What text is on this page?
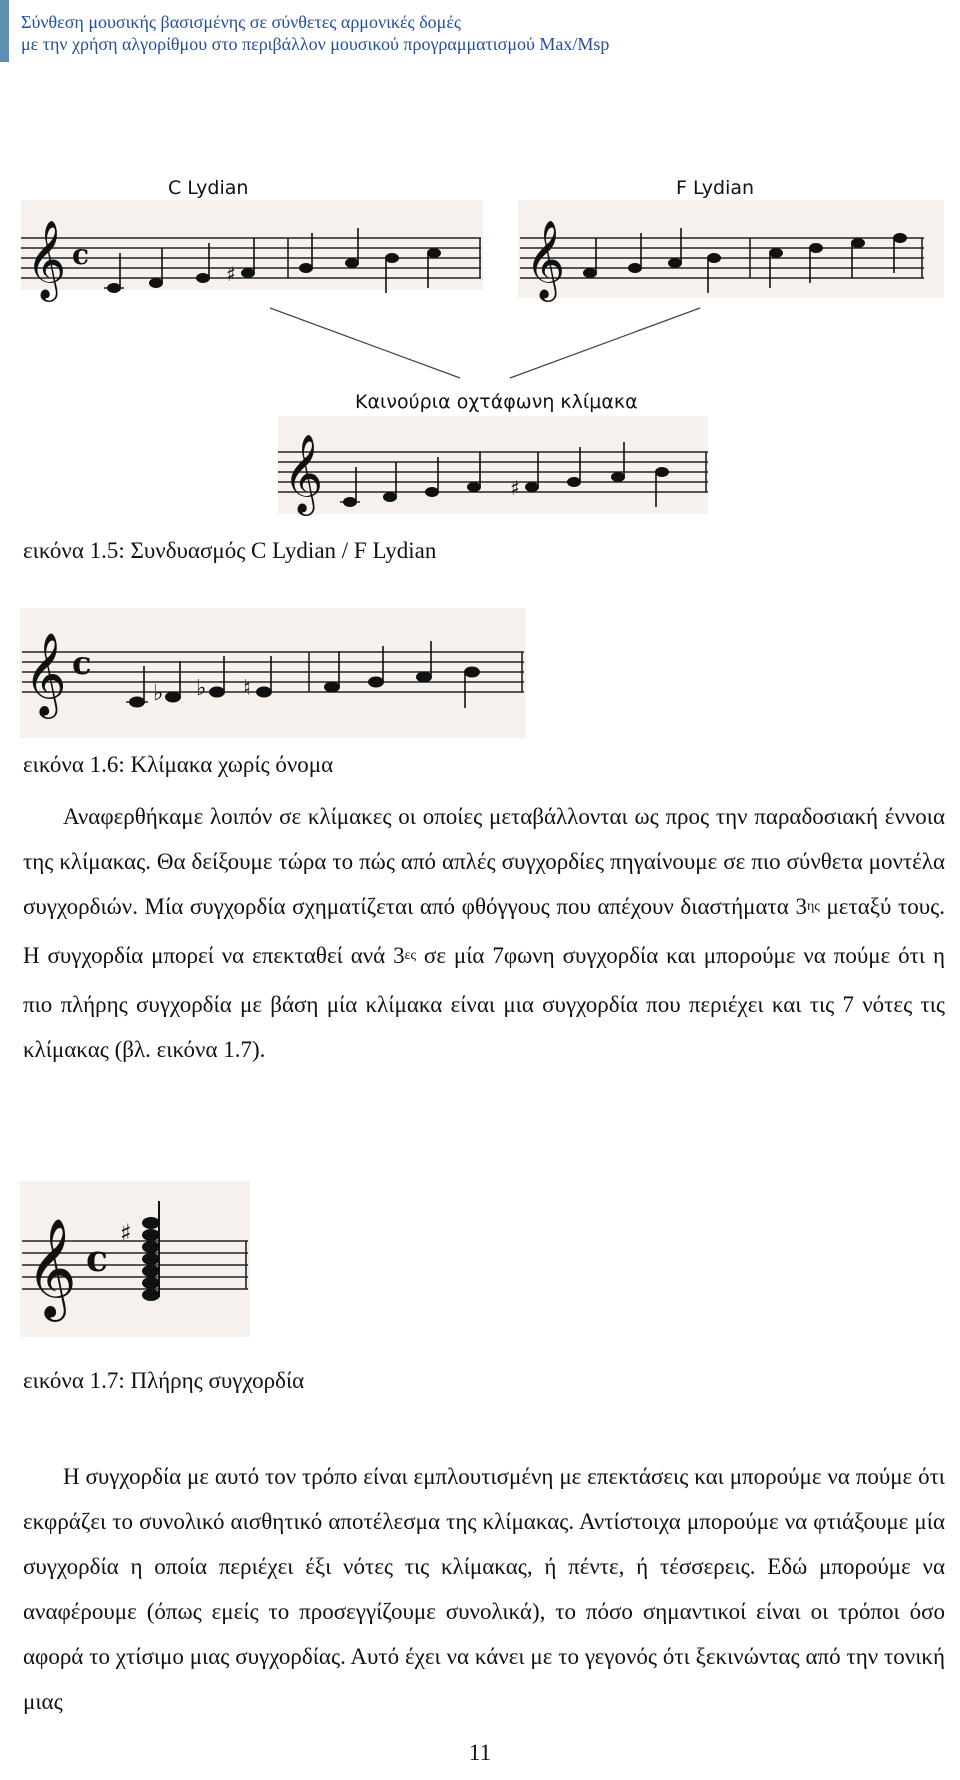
Σύνθεση μουσικής βασισμένης σε σύνθετες αρμονικές δομές
με την χρήση αλγορίθμου στο περιβάλλον μουσικού προγραμματισμού Max/Msp
C Lydian
𝄞 c
♯
F Lydian
𝄞
Καινούρια οχτάφωνη κλίμακα
𝄞	♯
εικόνα 1.5: Συνδυασμός C Lydian / F Lydian
𝄞 c
♭ ♭ ♮
εικόνα 1.6: Κλίμακα χωρίς όνομα

Αναφερθήκαμε λοιπόν σε κλίμακες οι οποίες μεταβάλλονται ως προς την παραδοσιακή έννοια της κλίμακας. Θα δείξουμε τώρα το πώς από απλές συγχορδίες πηγαίνουμε σε πιο σύνθετα μοντέλα συγχορδιών. Μία συγχορδία σχηματίζεται από φθόγγους που απέχουν διαστήματα $3^{\eta\varsigma}$ μεταξύ τους. Η συγχορδία μπορεί να επεκταθεί ανά $3^{\varepsilon\varsigma}$ σε μία 7φωνη συγχορδία και μπορούμε να πούμε ότι η πιο πλήρης συγχορδία με βάση μία κλίμακα είναι μια συγχορδία που περιέχει και τις 7 νότες τις κλίμακας (βλ. εικόνα 1.7).

𝄞 c
♯
εικόνα 1.7: Πλήρης συγχορδία

Η συγχορδία με αυτό τον τρόπο είναι εμπλουτισμένη με επεκτάσεις και μπορούμε να πούμε ότι εκφράζει το συνολικό αισθητικό αποτέλεσμα της κλίμακας. Αντίστοιχα μπορούμε να φτιάξουμε μία συγχορδία η οποία περιέχει έξι νότες τις κλίμακας, ή πέντε, ή τέσσερεις. Εδώ μπορούμε να αναφέρουμε (όπως εμείς το προσεγγίζουμε συνολικά), το πόσο σημαντικοί είναι οι τρόποι όσο αφορά το χτίσιμο μιας συγχορδίας. Αυτό έχει να κάνει με το γεγονός ότι ξεκινώντας από την τονική μιας

11
